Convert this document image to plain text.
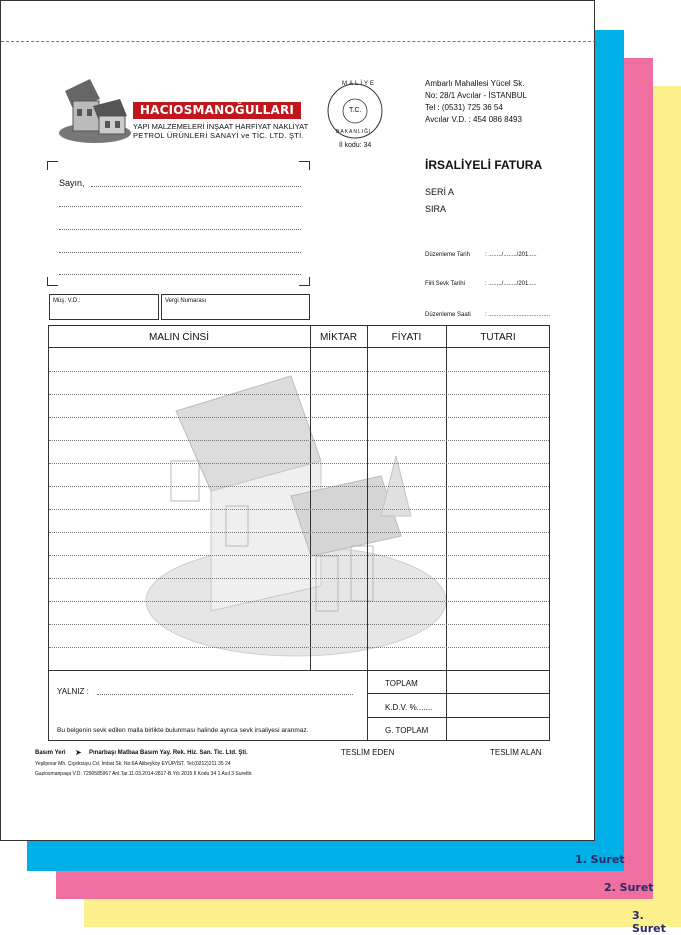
1. Suret
2. Suret
3. Suret
HACIOSMANOĞULLARI
YAPI MALZEMELERİ İNŞAAT HARFİYAT NAKLİYAT
PETROL ÜRÜNLERİ SANAYİ ve TİC. LTD. ŞTİ.
MALİYE
T.C.
BAKANLIĞI
İl kodu: 34
Ambarlı Mahallesi Yücel Sk.
No: 28/1 Avcılar - İSTANBUL
Tel : (0531) 725 36 54
Avcılar V.D. : 454 086 8493
İRSALİYELİ FATURA
SERİ A
SIRA
Düzenleme Tarih	: ......../......../201.....
Fiili Sevk Tarihi	: ......../......../201.....
Düzenleme Saati : .....................................
Sayın,
Müş. V.D.:	Vergi Numarası
MALIN CİNSİ	MİKTAR	FİYATI	TUTARI
YALNIZ :
Bu belgenin sevk edilen malla birlikte bulunması halinde ayrıca sevk irsaliyesi aranmaz.
TOPLAM
K.D.V. %.......
G. TOPLAM
Basım Yeri ➤ Pınarbaşı Matbaa Basım Yay. Rek. Hiz. San. Tic. Ltd. Şti.
Yeşilpınar Mh. Çiçeksuyu Cd. İmbat Sk. No:6A Alibeyköy EYÜP/İST. Tel:(0212)211 35 24
Gaziosmanpaşa V.D. 7290585967 Anl.Tar.11.03.2014-2817-B.Yılı 2015 İl Kodu 34 1 Asıl 3 Surettir.
TESLİM EDEN	TESLİM ALAN
